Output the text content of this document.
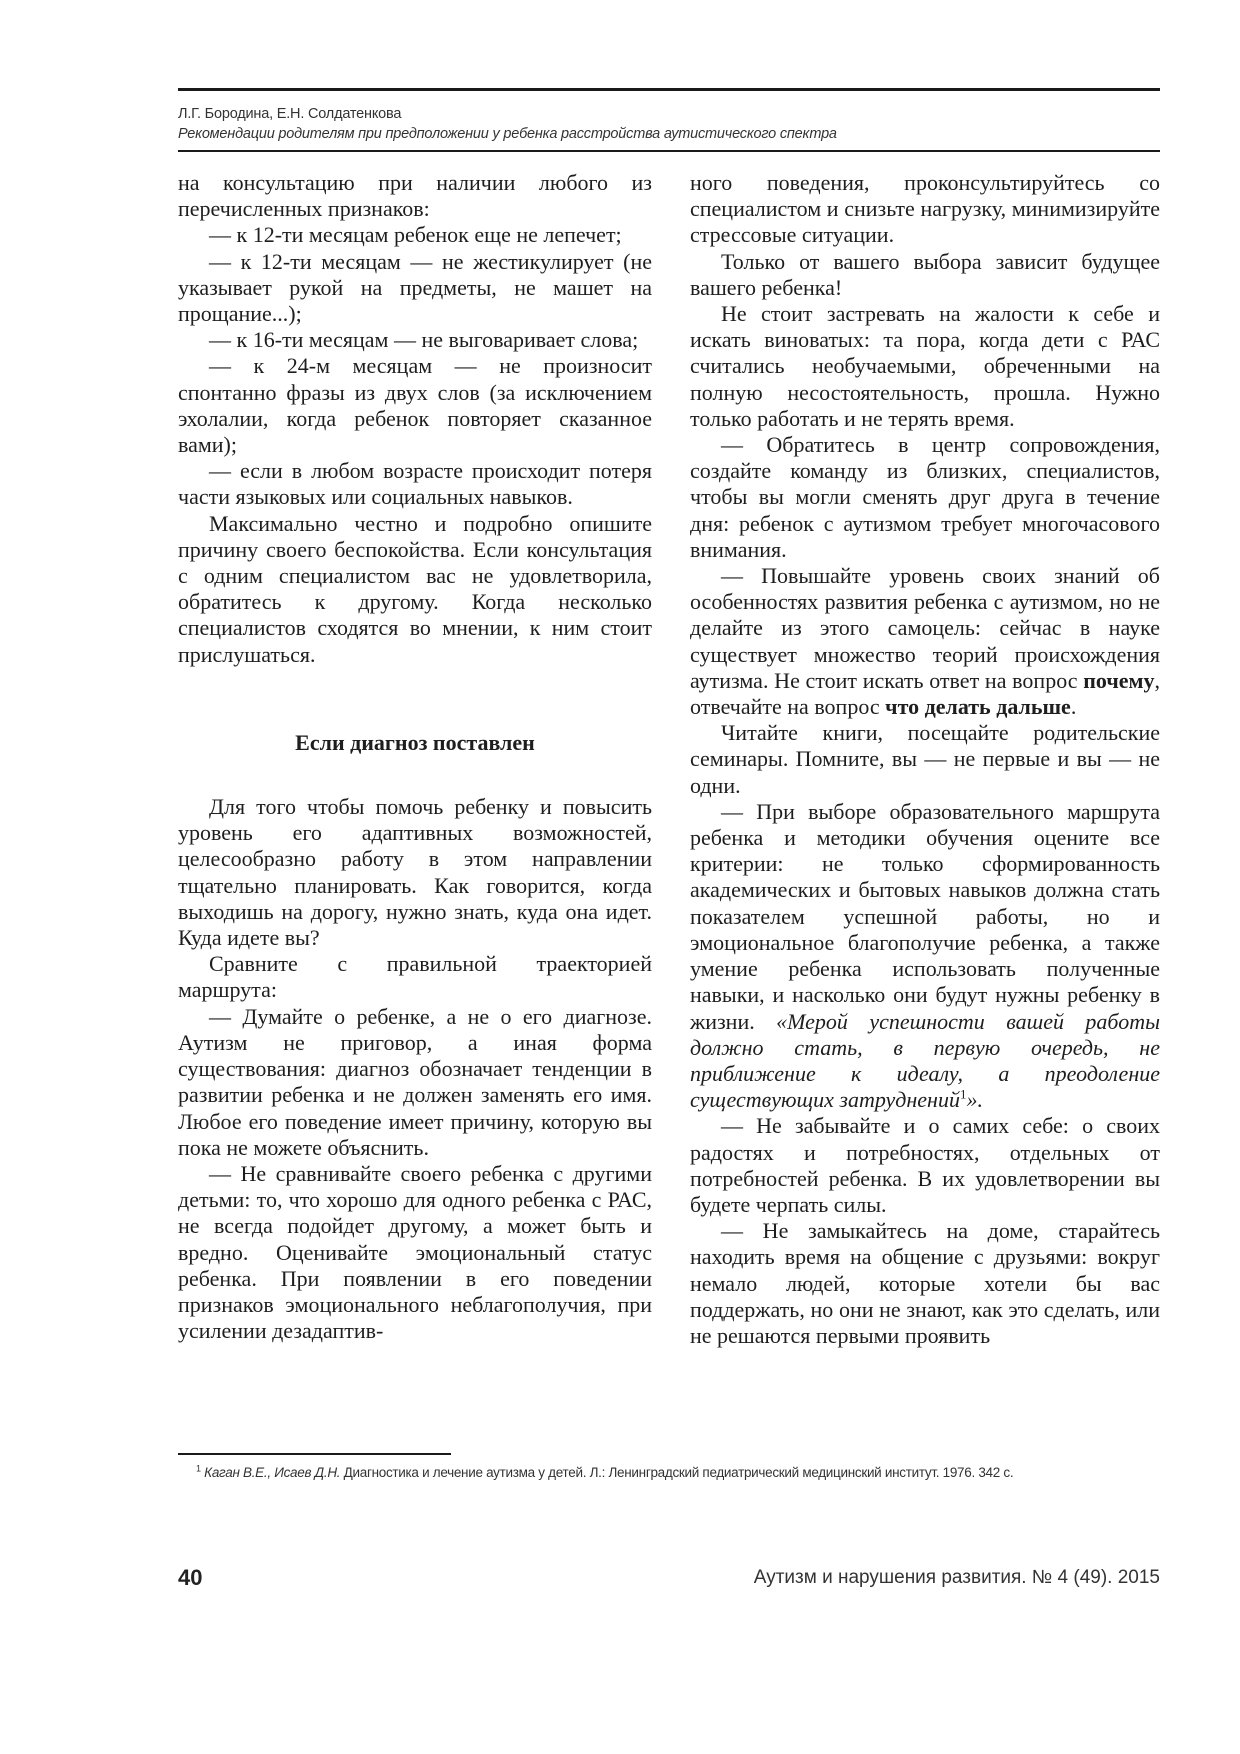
Л.Г. Бородина, Е.Н. Солдатенкова
Рекомендации родителям при предположении у ребенка расстройства аутистического спектра

на консультацию при наличии любого из перечисленных признаков:

— к 12-ти месяцам ребенок еще не лепечет;

— к 12-ти месяцам — не жестикулирует (не указывает рукой на предметы, не машет на прощание...);

— к 16-ти месяцам — не выговаривает слова;

— к 24-м месяцам — не произносит спонтанно фразы из двух слов (за исключением эхолалии, когда ребенок повторяет сказанное вами);

— если в любом возрасте происходит потеря части языковых или социальных навыков.

Максимально честно и подробно опишите причину своего беспокойства. Если консультация с одним специалистом вас не удовлетворила, обратитесь к другому. Когда несколько специалистов сходятся во мнении, к ним стоит прислушаться.

Если диагноз поставлен

Для того чтобы помочь ребенку и повысить уровень его адаптивных возможностей, целесообразно работу в этом направлении тщательно планировать. Как говорится, когда выходишь на дорогу, нужно знать, куда она идет. Куда идете вы?

Сравните с правильной траекторией маршрута:

— Думайте о ребенке, а не о его диагнозе. Аутизм не приговор, а иная форма существования: диагноз обозначает тенденции в развитии ребенка и не должен заменять его имя. Любое его поведение имеет причину, которую вы пока не можете объяснить.

— Не сравнивайте своего ребенка с другими детьми: то, что хорошо для одного ребенка с РАС, не всегда подойдет другому, а может быть и вредно. Оценивайте эмоциональный статус ребенка. При появлении в его поведении признаков эмоционального неблагополучия, при усилении дезадаптив-

ного поведения, проконсультируйтесь со специалистом и снизьте нагрузку, минимизируйте стрессовые ситуации.

Только от вашего выбора зависит будущее вашего ребенка!

Не стоит застревать на жалости к себе и искать виноватых: та пора, когда дети с РАС считались необучаемыми, обреченными на полную несостоятельность, прошла. Нужно только работать и не терять время.

— Обратитесь в центр сопровождения, создайте команду из близких, специалистов, чтобы вы могли сменять друг друга в течение дня: ребенок с аутизмом требует многочасового внимания.

— Повышайте уровень своих знаний об особенностях развития ребенка с аутизмом, но не делайте из этого самоцель: сейчас в науке существует множество теорий происхождения аутизма. Не стоит искать ответ на вопрос почему, отвечайте на вопрос что делать дальше.

Читайте книги, посещайте родительские семинары. Помните, вы — не первые и вы — не одни.

— При выборе образовательного маршрута ребенка и методики обучения оцените все критерии: не только сформированность академических и бытовых навыков должна стать показателем успешной работы, но и эмоциональное благополучие ребенка, а также умение ребенка использовать полученные навыки, и насколько они будут нужны ребенку в жизни. «Мерой успешности вашей работы должно стать, в первую очередь, не приближение к идеалу, а преодоление существующих затруднений$^1$».

— Не забывайте и о самих себе: о своих радостях и потребностях, отдельных от потребностей ребенка. В их удовлетворении вы будете черпать силы.

— Не замыкайтесь на доме, старайтесь находить время на общение с друзьями: вокруг немало людей, которые хотели бы вас поддержать, но они не знают, как это сделать, или не решаются первыми проявить

$^1$ Каган В.Е., Исаев Д.Н. Диагностика и лечение аутизма у детей. Л.: Ленинградский педиатрический медицинский институт. 1976. 342 с.
40	Аутизм и нарушения развития. № 4 (49). 2015
